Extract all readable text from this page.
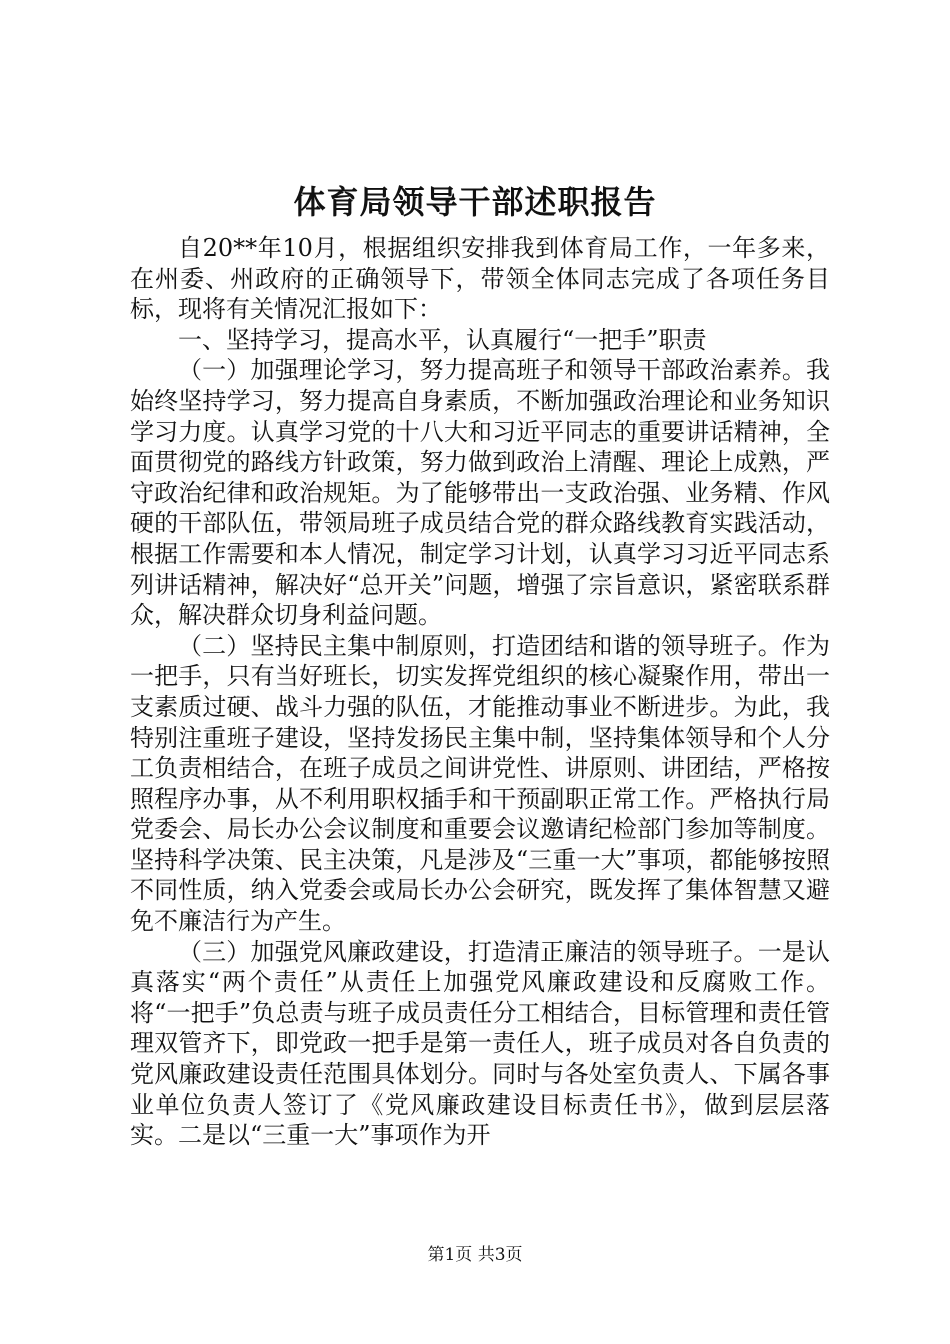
体育局领导干部述职报告

自20**年10月，根据组织安排我到体育局工作，一年多来，在州委、州政府的正确领导下，带领全体同志完成了各项任务目标，现将有关情况汇报如下：

一、坚持学习，提高水平，认真履行“一把手”职责

（一）加强理论学习，努力提高班子和领导干部政治素养。我始终坚持学习，努力提高自身素质，不断加强政治理论和业务知识学习力度。认真学习党的十八大和习近平同志的重要讲话精神，全面贯彻党的路线方针政策，努力做到政治上清醒、理论上成熟，严守政治纪律和政治规矩。为了能够带出一支政治强、业务精、作风硬的干部队伍，带领局班子成员结合党的群众路线教育实践活动，根据工作需要和本人情况，制定学习计划，认真学习习近平同志系列讲话精神，解决好“总开关”问题，增强了宗旨意识，紧密联系群众，解决群众切身利益问题。

（二）坚持民主集中制原则，打造团结和谐的领导班子。作为一把手，只有当好班长，切实发挥党组织的核心凝聚作用，带出一支素质过硬、战斗力强的队伍，才能推动事业不断进步。为此，我特别注重班子建设，坚持发扬民主集中制，坚持集体领导和个人分工负责相结合，在班子成员之间讲党性、讲原则、讲团结，严格按照程序办事，从不利用职权插手和干预副职正常工作。严格执行局党委会、局长办公会议制度和重要会议邀请纪检部门参加等制度。坚持科学决策、民主决策，凡是涉及“三重一大”事项，都能够按照不同性质，纳入党委会或局长办公会研究，既发挥了集体智慧又避免不廉洁行为产生。

（三）加强党风廉政建设，打造清正廉洁的领导班子。一是认真落实“两个责任”从责任上加强党风廉政建设和反腐败工作。将“一把手”负总责与班子成员责任分工相结合，目标管理和责任管理双管齐下，即党政一把手是第一责任人，班子成员对各自负责的党风廉政建设责任范围具体划分。同时与各处室负责人、下属各事业单位负责人签订了《党风廉政建设目标责任书》，做到层层落实。二是以“三重一大”事项作为开

第1页 共3页
